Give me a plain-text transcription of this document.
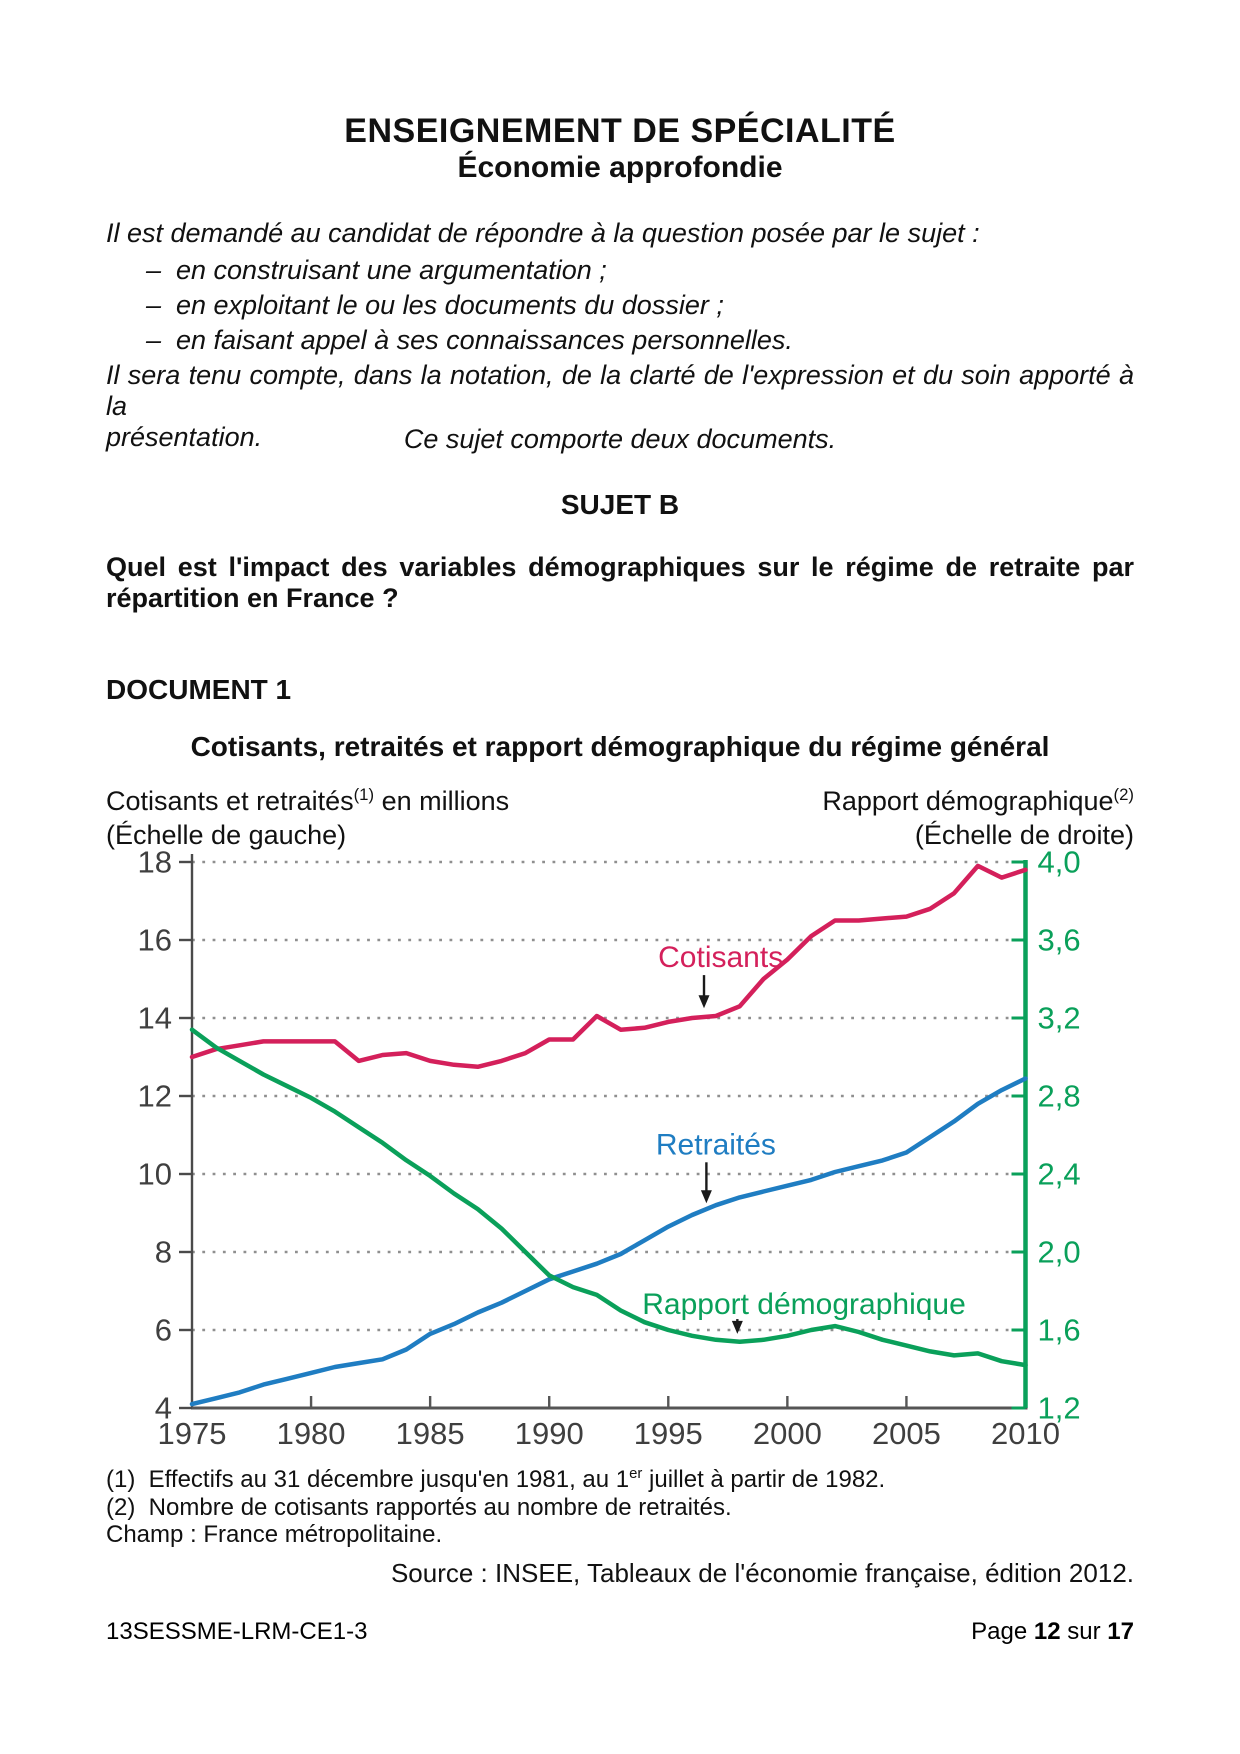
ENSEIGNEMENT DE SPÉCIALITÉ
Économie approfondie
Il est demandé au candidat de répondre à la question posée par le sujet :
– en construisant une argumentation ;
– en exploitant le ou les documents du dossier ;
– en faisant appel à ses connaissances personnelles.
Il sera tenu compte, dans la notation, de la clarté de l'expression et du soin apporté à la
présentation.	Ce sujet comporte deux documents.
SUJET B
Quel est l'impact des variables démographiques sur le régime de retraite par
répartition en France ?
DOCUMENT 1
Cotisants, retraités et rapport démographique du régime général
Cotisants et retraités$^{(1)}$ en millions
(Échelle de gauche)
Rapport démographique$^{(2)}$
(Échelle de droite)
18
16
14
12
10
8
6
4
4,0
3,6
3,2
2,8
2,4
2,0
1,6
1,2
1975 1980 1985 1990 1995 2000 2005 2010
Cotisants
Retraités
Rapport démographique
(1)  Effectifs au 31 décembre jusqu'en 1981, au 1er juillet à partir de 1982.
(2)  Nombre de cotisants rapportés au nombre de retraités.
Champ : France métropolitaine.
Source : INSEE, Tableaux de l'économie française, édition 2012.
13SESSME-LRM-CE1-3	Page 12 sur 17
